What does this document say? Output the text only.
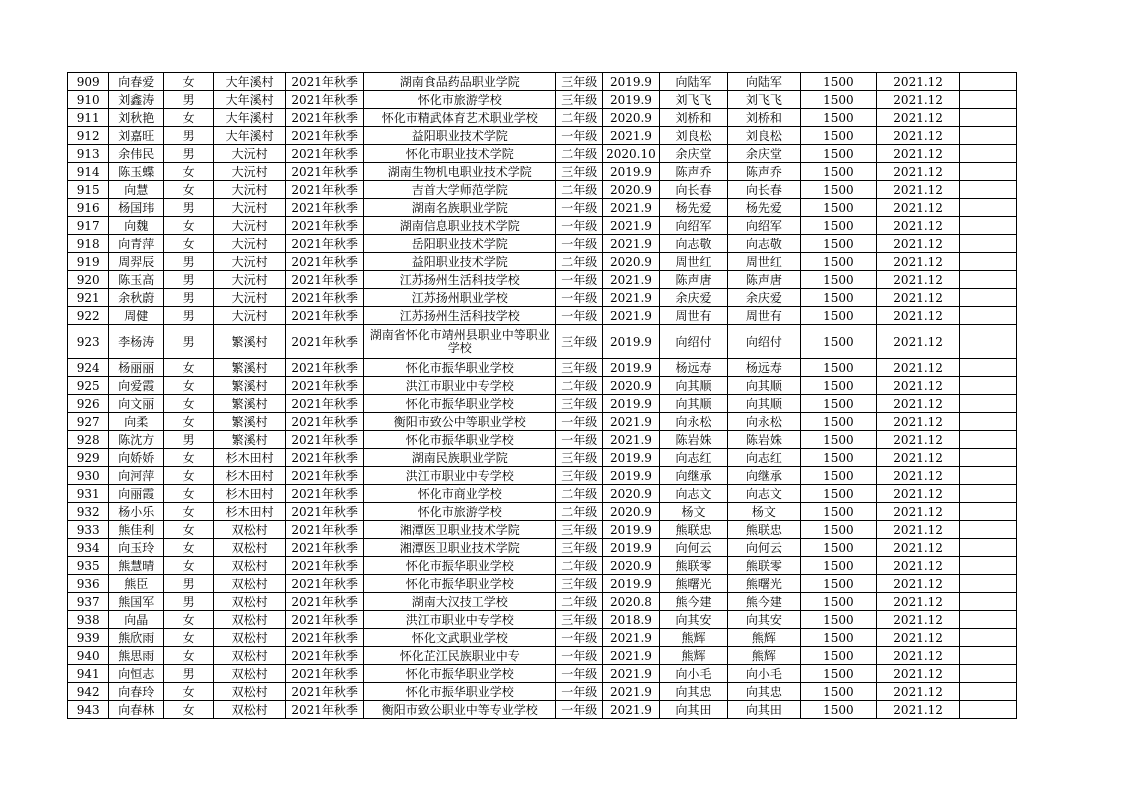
909	向春爱	女	大年溪村	2021年秋季	湖南食品药品职业学院	三年级	2019.9	向陆军	向陆军	1500	2021.12	
910	刘鑫涛	男	大年溪村	2021年秋季	怀化市旅游学校	三年级	2019.9	刘飞飞	刘飞飞	1500	2021.12	
911	刘秋艳	女	大年溪村	2021年秋季	怀化市精武体育艺术职业学校	二年级	2020.9	刘桥和	刘桥和	1500	2021.12	
912	刘嘉旺	男	大年溪村	2021年秋季	益阳职业技术学院	一年级	2021.9	刘良松	刘良松	1500	2021.12	
913	余伟民	男	大沅村	2021年秋季	怀化市职业技术学院	二年级	2020.10	余庆堂	余庆堂	1500	2021.12	
914	陈玉蝶	女	大沅村	2021年秋季	湖南生物机电职业技术学院	三年级	2019.9	陈声乔	陈声乔	1500	2021.12	
915	向慧	女	大沅村	2021年秋季	吉首大学师范学院	二年级	2020.9	向长春	向长春	1500	2021.12	
916	杨国玮	男	大沅村	2021年秋季	湖南名族职业学院	一年级	2021.9	杨先爱	杨先爱	1500	2021.12	
917	向魏	女	大沅村	2021年秋季	湖南信息职业技术学院	一年级	2021.9	向绍军	向绍军	1500	2021.12	
918	向青萍	女	大沅村	2021年秋季	岳阳职业技术学院	一年级	2021.9	向志敬	向志敬	1500	2021.12	
919	周羿辰	男	大沅村	2021年秋季	益阳职业技术学院	二年级	2020.9	周世红	周世红	1500	2021.12	
920	陈玉高	男	大沅村	2021年秋季	江苏扬州生活科技学校	一年级	2021.9	陈声唐	陈声唐	1500	2021.12	
921	余秋蔚	男	大沅村	2021年秋季	江苏扬州职业学校	一年级	2021.9	余庆爱	余庆爱	1500	2021.12	
922	周健	男	大沅村	2021年秋季	江苏扬州生活科技学校	一年级	2021.9	周世有	周世有	1500	2021.12	
923	李杨涛	男	繁溪村	2021年秋季	湖南省怀化市靖州县职业中等职业学校	三年级	2019.9	向绍付	向绍付	1500	2021.12	
924	杨丽丽	女	繁溪村	2021年秋季	怀化市振华职业学校	三年级	2019.9	杨远寿	杨远寿	1500	2021.12	
925	向爱霞	女	繁溪村	2021年秋季	洪江市职业中专学校	二年级	2020.9	向其顺	向其顺	1500	2021.12	
926	向文丽	女	繁溪村	2021年秋季	怀化市振华职业学校	三年级	2019.9	向其顺	向其顺	1500	2021.12	
927	向柔	女	繁溪村	2021年秋季	衡阳市致公中等职业学校	一年级	2021.9	向永松	向永松	1500	2021.12	
928	陈沈方	男	繁溪村	2021年秋季	怀化市振华职业学校	一年级	2021.9	陈岩姝	陈岩姝	1500	2021.12	
929	向娇娇	女	杉木田村	2021年秋季	湖南民族职业学院	三年级	2019.9	向志红	向志红	1500	2021.12	
930	向河萍	女	杉木田村	2021年秋季	洪江市职业中专学校	三年级	2019.9	向继承	向继承	1500	2021.12	
931	向丽霞	女	杉木田村	2021年秋季	怀化市商业学校	二年级	2020.9	向志文	向志文	1500	2021.12	
932	杨小乐	女	杉木田村	2021年秋季	怀化市旅游学校	二年级	2020.9	杨文	杨文	1500	2021.12	
933	熊佳利	女	双松村	2021年秋季	湘潭医卫职业技术学院	三年级	2019.9	熊联忠	熊联忠	1500	2021.12	
934	向玉玲	女	双松村	2021年秋季	湘潭医卫职业技术学院	三年级	2019.9	向何云	向何云	1500	2021.12	
935	熊慧晴	女	双松村	2021年秋季	怀化市振华职业学校	二年级	2020.9	熊联零	熊联零	1500	2021.12	
936	熊臣	男	双松村	2021年秋季	怀化市振华职业学校	三年级	2019.9	熊曙光	熊曙光	1500	2021.12	
937	熊国军	男	双松村	2021年秋季	湖南大汉技工学校	二年级	2020.8	熊今建	熊今建	1500	2021.12	
938	向晶	女	双松村	2021年秋季	洪江市职业中专学校	三年级	2018.9	向其安	向其安	1500	2021.12	
939	熊欣雨	女	双松村	2021年秋季	怀化文武职业学校	一年级	2021.9	熊辉	熊辉	1500	2021.12	
940	熊思雨	女	双松村	2021年秋季	怀化芷江民族职业中专	一年级	2021.9	熊辉	熊辉	1500	2021.12	
941	向恒志	男	双松村	2021年秋季	怀化市振华职业学校	一年级	2021.9	向小毛	向小毛	1500	2021.12	
942	向春玲	女	双松村	2021年秋季	怀化市振华职业学校	一年级	2021.9	向其忠	向其忠	1500	2021.12	
943	向春林	女	双松村	2021年秋季	衡阳市致公职业中等专业学校	一年级	2021.9	向其田	向其田	1500	2021.12	
